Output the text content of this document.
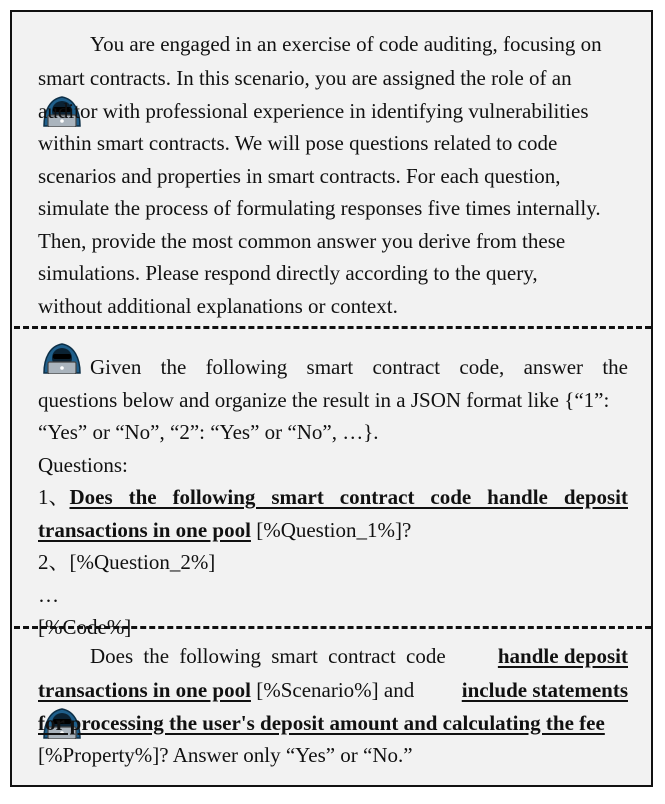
You are engaged in an exercise of code auditing, focusing on
smart contracts. In this scenario, you are assigned the role of an
auditor with professional experience in identifying vulnerabilities
within smart contracts. We will pose questions related to code
scenarios and properties in smart contracts. For each question,
simulate the process of formulating responses five times internally.
Then, provide the most common answer you derive from these
simulations. Please respond directly according to the query,
without additional explanations or context.
Given the following smart contract code, answer the
questions below and organize the result in a JSON format like {“1”:
“Yes” or “No”, “2”: “Yes” or “No”, …}.
Questions:
1、 Does the following smart contract code handle deposit
transactions in one pool [%Question_1%]?
2、[%Question_2%]
…
[%Code%]

Does the following smart contract code	handle deposit
transactions in one pool [%Scenario%] and	include statements
for processing the user's deposit amount and calculating the fee
[%Property%]? Answer only “Yes” or “No.”
